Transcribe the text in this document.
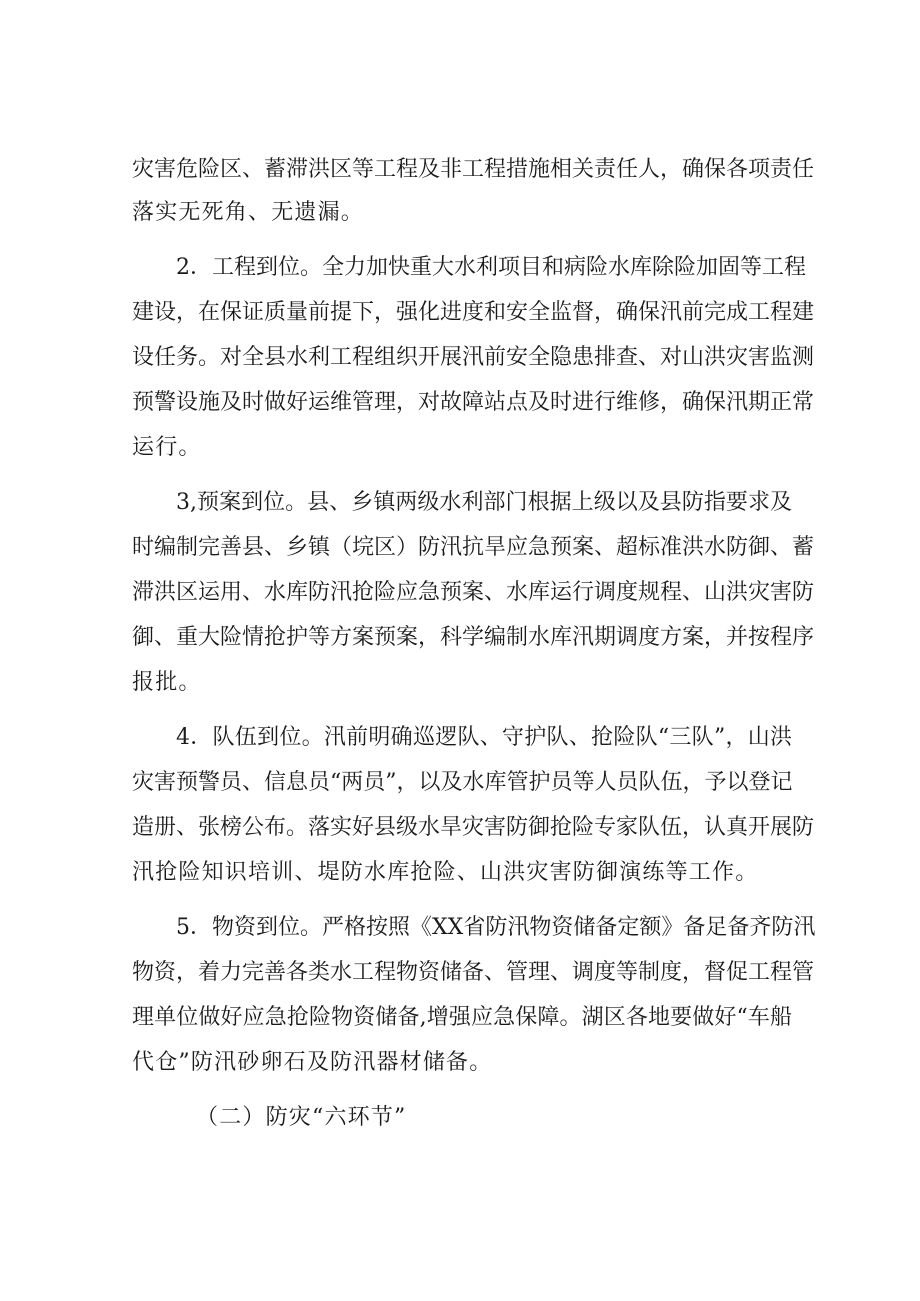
灾害危险区、蓄滞洪区等工程及非工程措施相关责任人，确保各项责任
落实无死角、无遗漏。
2．工程到位。全力加快重大水利项目和病险水库除险加固等工程
建设，在保证质量前提下，强化进度和安全监督，确保汛前完成工程建
设任务。对全县水利工程组织开展汛前安全隐患排查、对山洪灾害监测
预警设施及时做好运维管理，对故障站点及时进行维修，确保汛期正常
运行。
3,预案到位。县、乡镇两级水利部门根据上级以及县防指要求及
时编制完善县、乡镇（垸区）防汛抗旱应急预案、超标准洪水防御、蓄
滞洪区运用、水库防汛抢险应急预案、水库运行调度规程、山洪灾害防
御、重大险情抢护等方案预案，科学编制水库汛期调度方案，并按程序
报批。
4．队伍到位。汛前明确巡逻队、守护队、抢险队“三队”，山洪
灾害预警员、信息员“两员”，以及水库管护员等人员队伍，予以登记
造册、张榜公布。落实好县级水旱灾害防御抢险专家队伍，认真开展防
汛抢险知识培训、堤防水库抢险、山洪灾害防御演练等工作。
5．物资到位。严格按照《XX省防汛物资储备定额》备足备齐防汛
物资，着力完善各类水工程物资储备、管理、调度等制度，督促工程管
理单位做好应急抢险物资储备,增强应急保障。湖区各地要做好“车船
代仓”防汛砂卵石及防汛器材储备。
（二）防灾“六环节”
